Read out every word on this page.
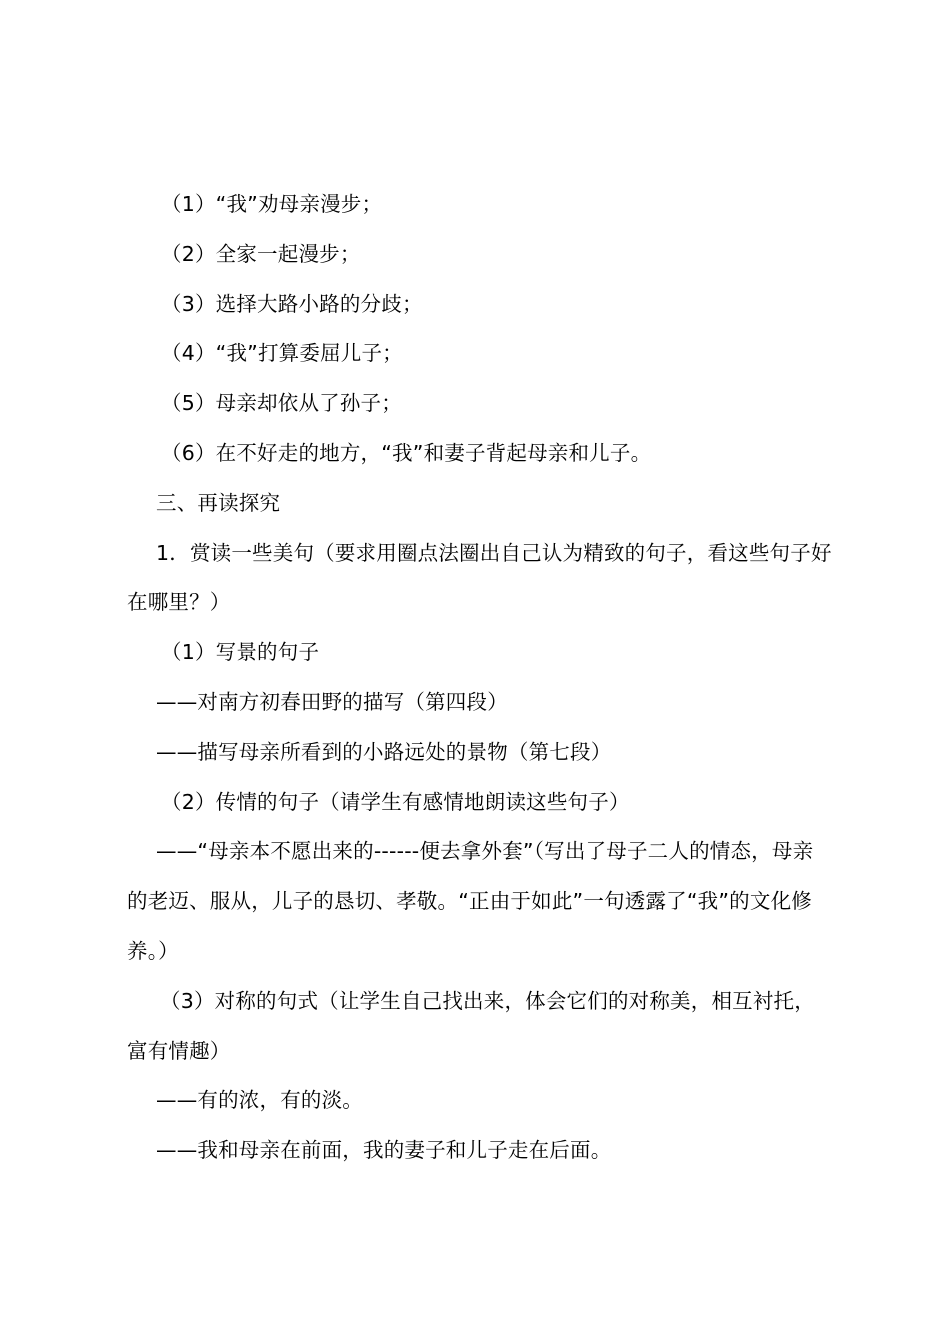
（1）“我”劝母亲漫步；

（2）全家一起漫步；

（3）选择大路小路的分歧；

（4）“我”打算委屈儿子；

（5）母亲却依从了孙子；

（6）在不好走的地方，“我”和妻子背起母亲和儿子。

三、再读探究

1．赏读一些美句（要求用圈点法圈出自己认为精致的句子，看这些句子好在哪里？）

（1）写景的句子

——对南方初春田野的描写（第四段）

——描写母亲所看到的小路远处的景物（第七段）

（2）传情的句子（请学生有感情地朗读这些句子）

——“母亲本不愿出来的------便去拿外套”（写出了母子二人的情态，母亲的老迈、服从，儿子的恳切、孝敬。“正由于如此”一句透露了“我”的文化修养。）

（3）对称的句式（让学生自己找出来，体会它们的对称美，相互衬托，富有情趣）

——有的浓，有的淡。

——我和母亲在前面，我的妻子和儿子走在后面。
